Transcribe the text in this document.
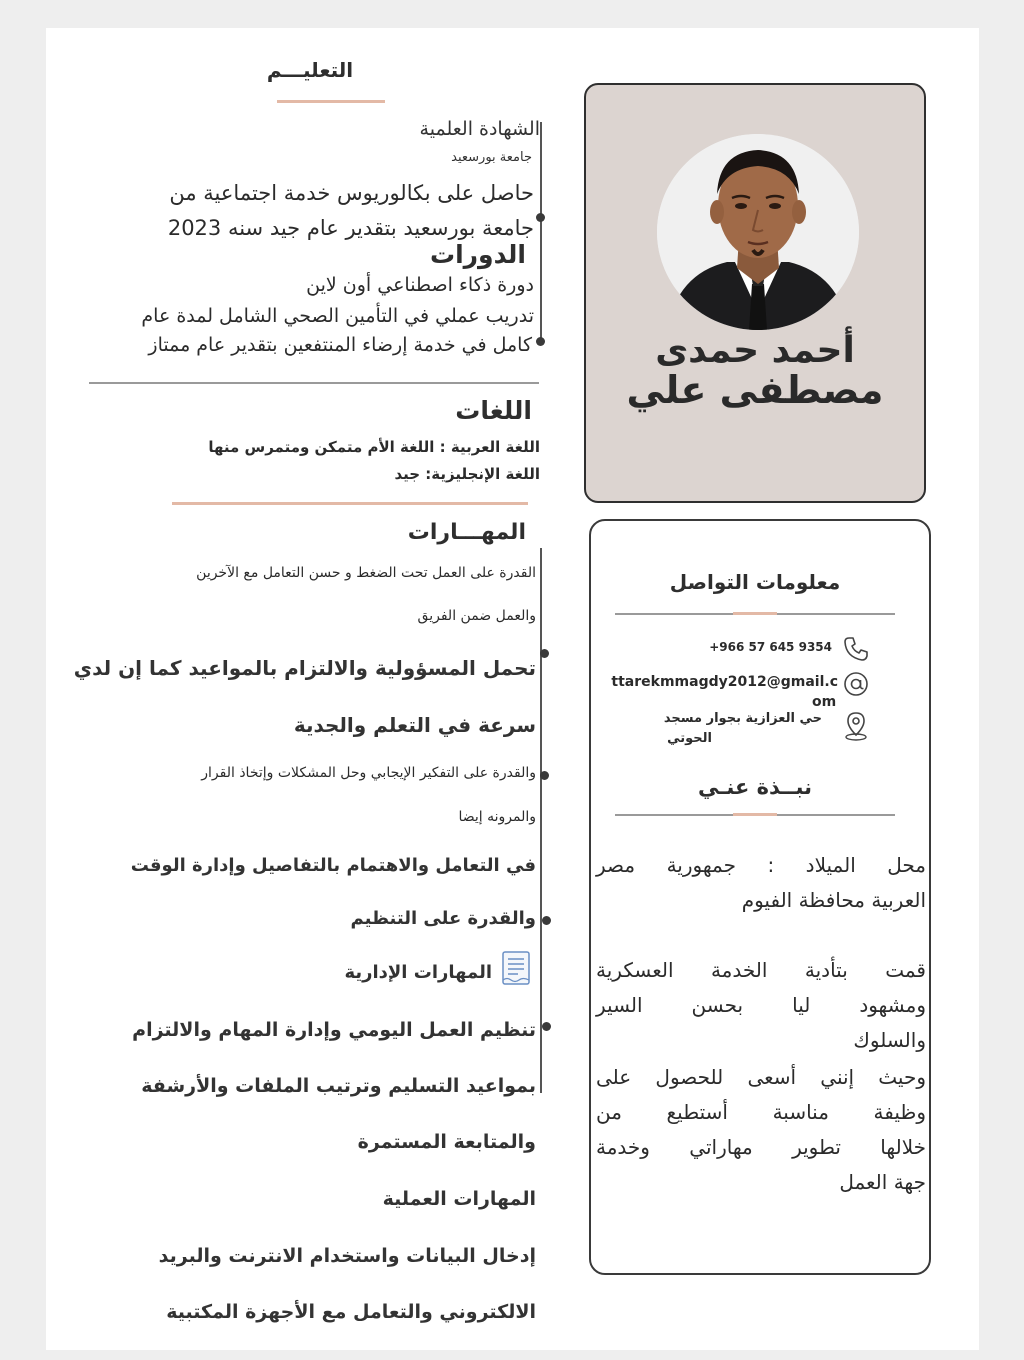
التعليـــم
الشهادة العلمية
جامعة بورسعيد
حاصل على بكالوريوس خدمة اجتماعية من
جامعة بورسعيد بتقدير عام جيد سنه 2023
الدورات
دورة ذكاء اصطناعي أون لاين
تدريب عملي في التأمين الصحي الشامل لمدة عام
كامل في خدمة إرضاء المنتفعين بتقدير عام ممتاز
اللغات
اللغة العربية : اللغة الأم متمكن ومتمرس منها
اللغة الإنجليزية: جيد
المهـــارات
القدرة على العمل تحت الضغط و حسن التعامل مع الآخرين
والعمل ضمن الفريق
تحمل المسؤولية والالتزام بالمواعيد كما إن لدي
سرعة في التعلم والجدية
والقدرة على التفكير الإيجابي وحل المشكلات وإتخاذ القرار
والمرونه إيضا
في التعامل والاهتمام بالتفاصيل وإدارة الوقت
والقدرة على التنظيم
المهارات الإدارية
تنظيم العمل اليومي وإدارة المهام والالتزام
بمواعيد التسليم وترتيب الملفات والأرشفة
والمتابعة المستمرة
المهارات العملية
إدخال البيانات واستخدام الانترنت والبريد
الالكتروني والتعامل مع الأجهزة المكتبية
أحمد حمدى
مصطفى علي
معلومات التواصل
+966 57 645 9354
ttarekmmagdy2012@gmail.c
om
حي العزازية بجوار مسجد
الحوتي
نبــذة عنـي
محل الميلاد : جمهورية مصر
العربية محافظة الفيوم
قمت بتأدية الخدمة العسكرية
ومشهود ليا بحسن السير
والسلوك
وحيث إنني أسعى للحصول على
وظيفة مناسبة أستطيع من
خلالها تطوير مهاراتي وخدمة
جهة العمل
